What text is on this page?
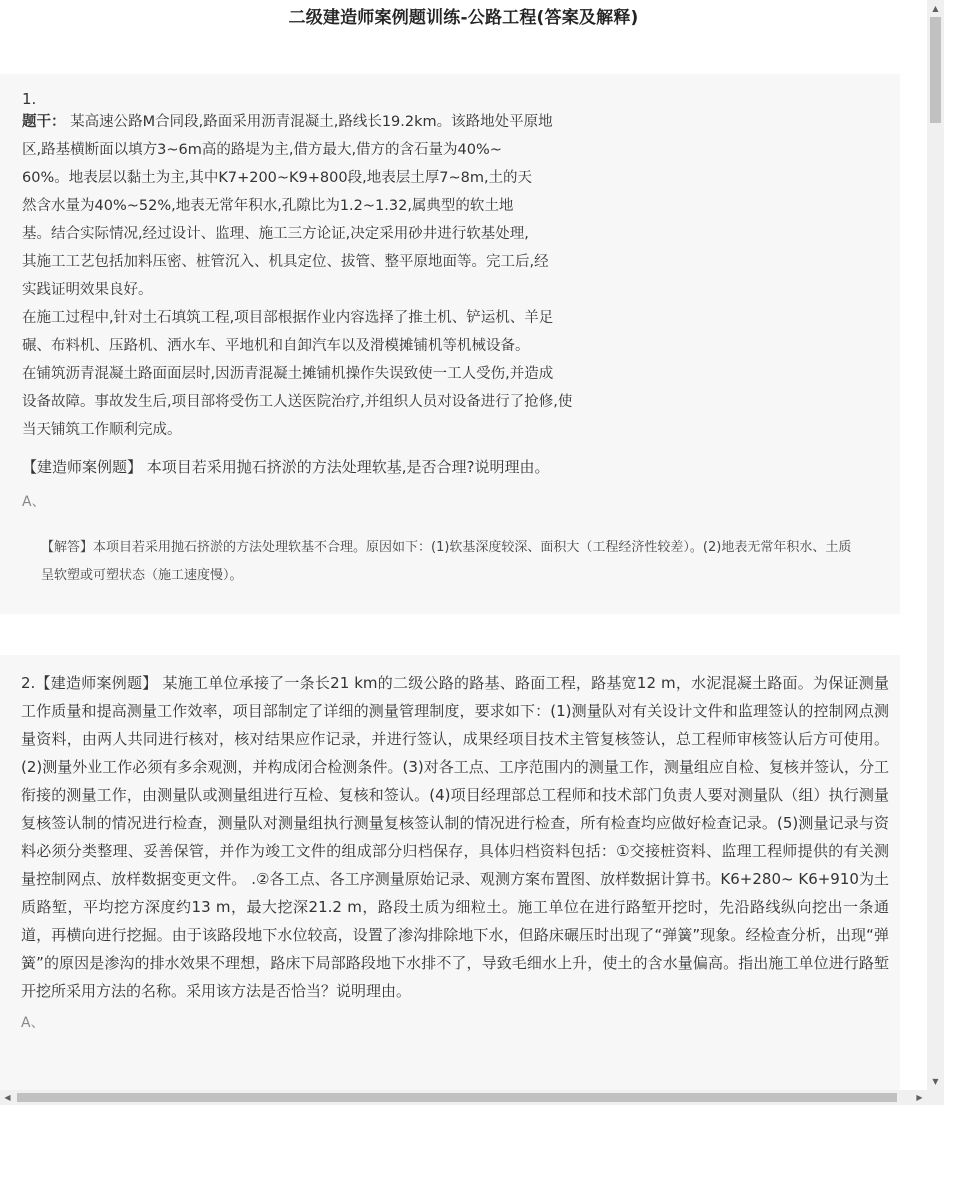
二级建造师案例题训练-公路工程(答案及解释)
1.

题干： 某高速公路M合同段,路面采用沥青混凝土,路线长19.2km。该路地处平原地

区,路基横断面以填方3~6m高的路堤为主,借方最大,借方的含石量为40%~

60%。地表层以黏土为主,其中K7+200~K9+800段,地表层土厚7~8m,土的天

然含水量为40%~52%,地表无常年积水,孔隙比为1.2~1.32,属典型的软土地

基。结合实际情况,经过设计、监理、施工三方论证,决定采用砂井进行软基处理,

其施工工艺包括加料压密、桩管沉入、机具定位、拔管、整平原地面等。完工后,经

实践证明效果良好。

在施工过程中,针对土石填筑工程,项目部根据作业内容选择了推土机、铲运机、羊足

碾、布料机、压路机、洒水车、平地机和自卸汽车以及滑模摊铺机等机械设备。

在铺筑沥青混凝土路面面层时,因沥青混凝土摊铺机操作失误致使一工人受伤,并造成

设备故障。事故发生后,项目部将受伤工人送医院治疗,并组织人员对设备进行了抢修,使

当天铺筑工作顺利完成。

【建造师案例题】 本项目若采用抛石挤淤的方法处理软基,是否合理?说明理由。
A、
【解答】本项目若采用抛石挤淤的方法处理软基不合理。原因如下：(1)软基深度较深、面积大（工程经济性较差）。(2)地表无常年积水、土质呈软塑或可塑状态（施工速度慢）。
2.【建造师案例题】 某施工单位承接了一条长21 km的二级公路的路基、路面工程，路基宽12 m，水泥混凝土路面。为保证测量工作质量和提高测量工作效率，项目部制定了详细的测量管理制度，要求如下：(1)测量队对有关设计文件和监理签认的控制网点测量资料，由两人共同进行核对，核对结果应作记录，并进行签认，成果经项目技术主管复核签认，总工程师审核签认后方可使用。(2)测量外业工作必须有多余观测，并构成闭合检测条件。(3)对各工点、工序范围内的测量工作，测量组应自检、复核并签认，分工衔接的测量工作，由测量队或测量组进行互检、复核和签认。(4)项目经理部总工程师和技术部门负责人要对测量队（组）执行测量复核签认制的情况进行检查，测量队对测量组执行测量复核签认制的情况进行检查，所有检查均应做好检查记录。(5)测量记录与资料必须分类整理、妥善保管，并作为竣工文件的组成部分归档保存，具体归档资料包括：①交接桩资料、监理工程师提供的有关测量控制网点、放样数据变更文件。 .②各工点、各工序测量原始记录、观测方案布置图、放样数据计算书。K6+280~ K6+910为土质路堑，平均挖方深度约13 m，最大挖深21.2 m，路段土质为细粒土。施工单位在进行路堑开挖时，先沿路线纵向挖出一条通道，再横向进行挖掘。由于该路段地下水位较高，设置了渗沟排除地下水，但路床碾压时出现了“弹簧”现象。经检查分析，出现“弹簧”的原因是渗沟的排水效果不理想，路床下局部路段地下水排不了，导致毛细水上升，使土的含水量偏高。指出施工单位进行路堑开挖所采用方法的名称。采用该方法是否恰当？说明理由。
A、
▲
▼
◀	▶
